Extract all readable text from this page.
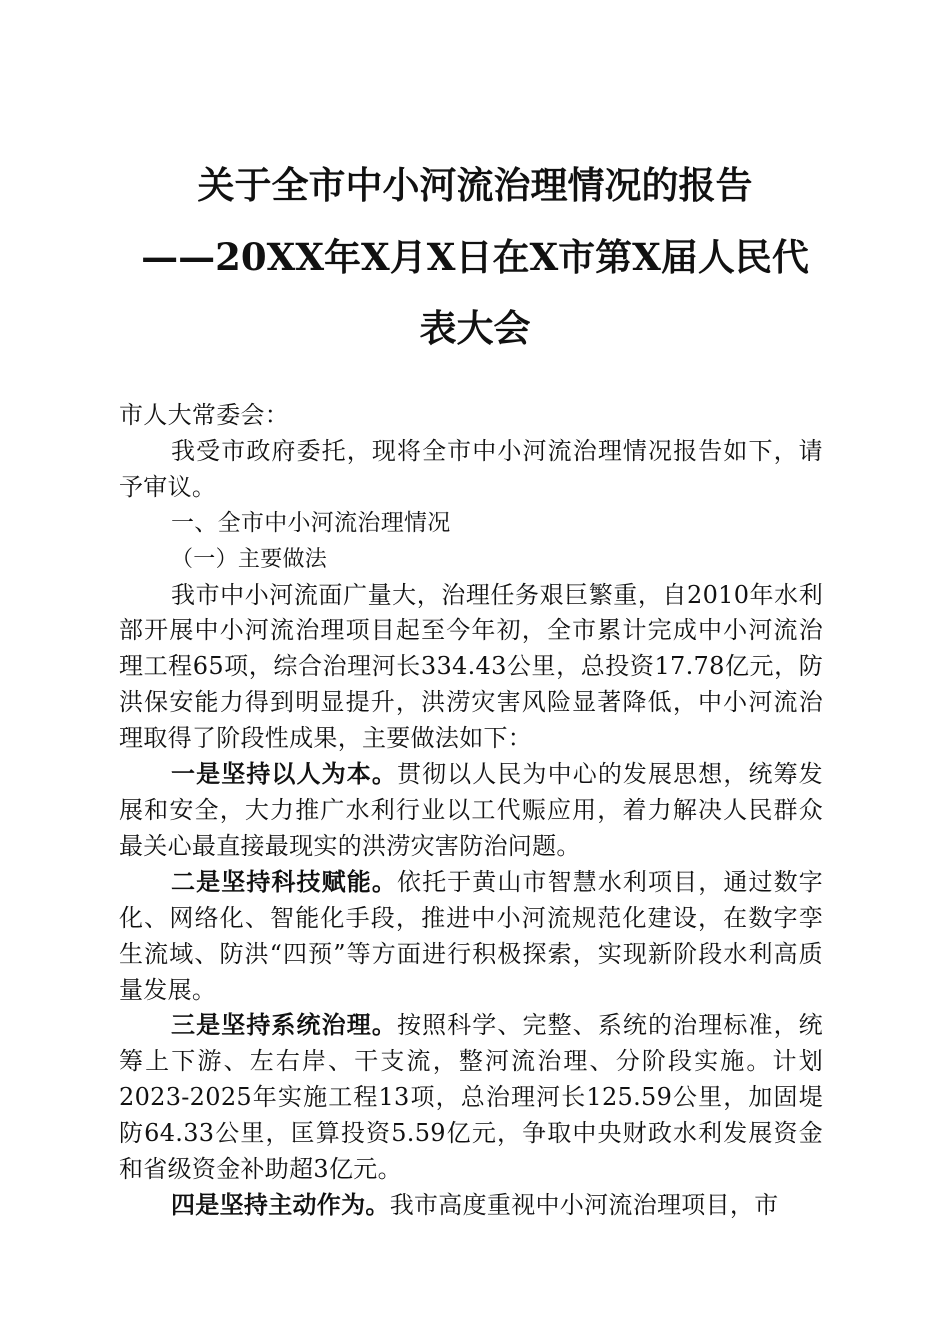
关于全市中小河流治理情况的报告
——20XX年X月X日在X市第X届人民代
表大会

市人大常委会：

我受市政府委托，现将全市中小河流治理情况报告如下，请予审议。

一、全市中小河流治理情况

（一）主要做法

我市中小河流面广量大，治理任务艰巨繁重，自2010年水利部开展中小河流治理项目起至今年初，全市累计完成中小河流治理工程65项，综合治理河长334.43公里，总投资17.78亿元，防洪保安能力得到明显提升，洪涝灾害风险显著降低，中小河流治理取得了阶段性成果，主要做法如下：

一是坚持以人为本。贯彻以人民为中心的发展思想，统筹发展和安全，大力推广水利行业以工代赈应用，着力解决人民群众最关心最直接最现实的洪涝灾害防治问题。

二是坚持科技赋能。依托于黄山市智慧水利项目，通过数字化、网络化、智能化手段，推进中小河流规范化建设，在数字孪生流域、防洪“四预”等方面进行积极探索，实现新阶段水利高质量发展。

三是坚持系统治理。按照科学、完整、系统的治理标准，统筹上下游、左右岸、干支流，整河流治理、分阶段实施。计划2023-2025年实施工程13项，总治理河长125.59公里，加固堤防64.33公里，匡算投资5.59亿元，争取中央财政水利发展资金和省级资金补助超3亿元。

四是坚持主动作为。我市高度重视中小河流治理项目，市
